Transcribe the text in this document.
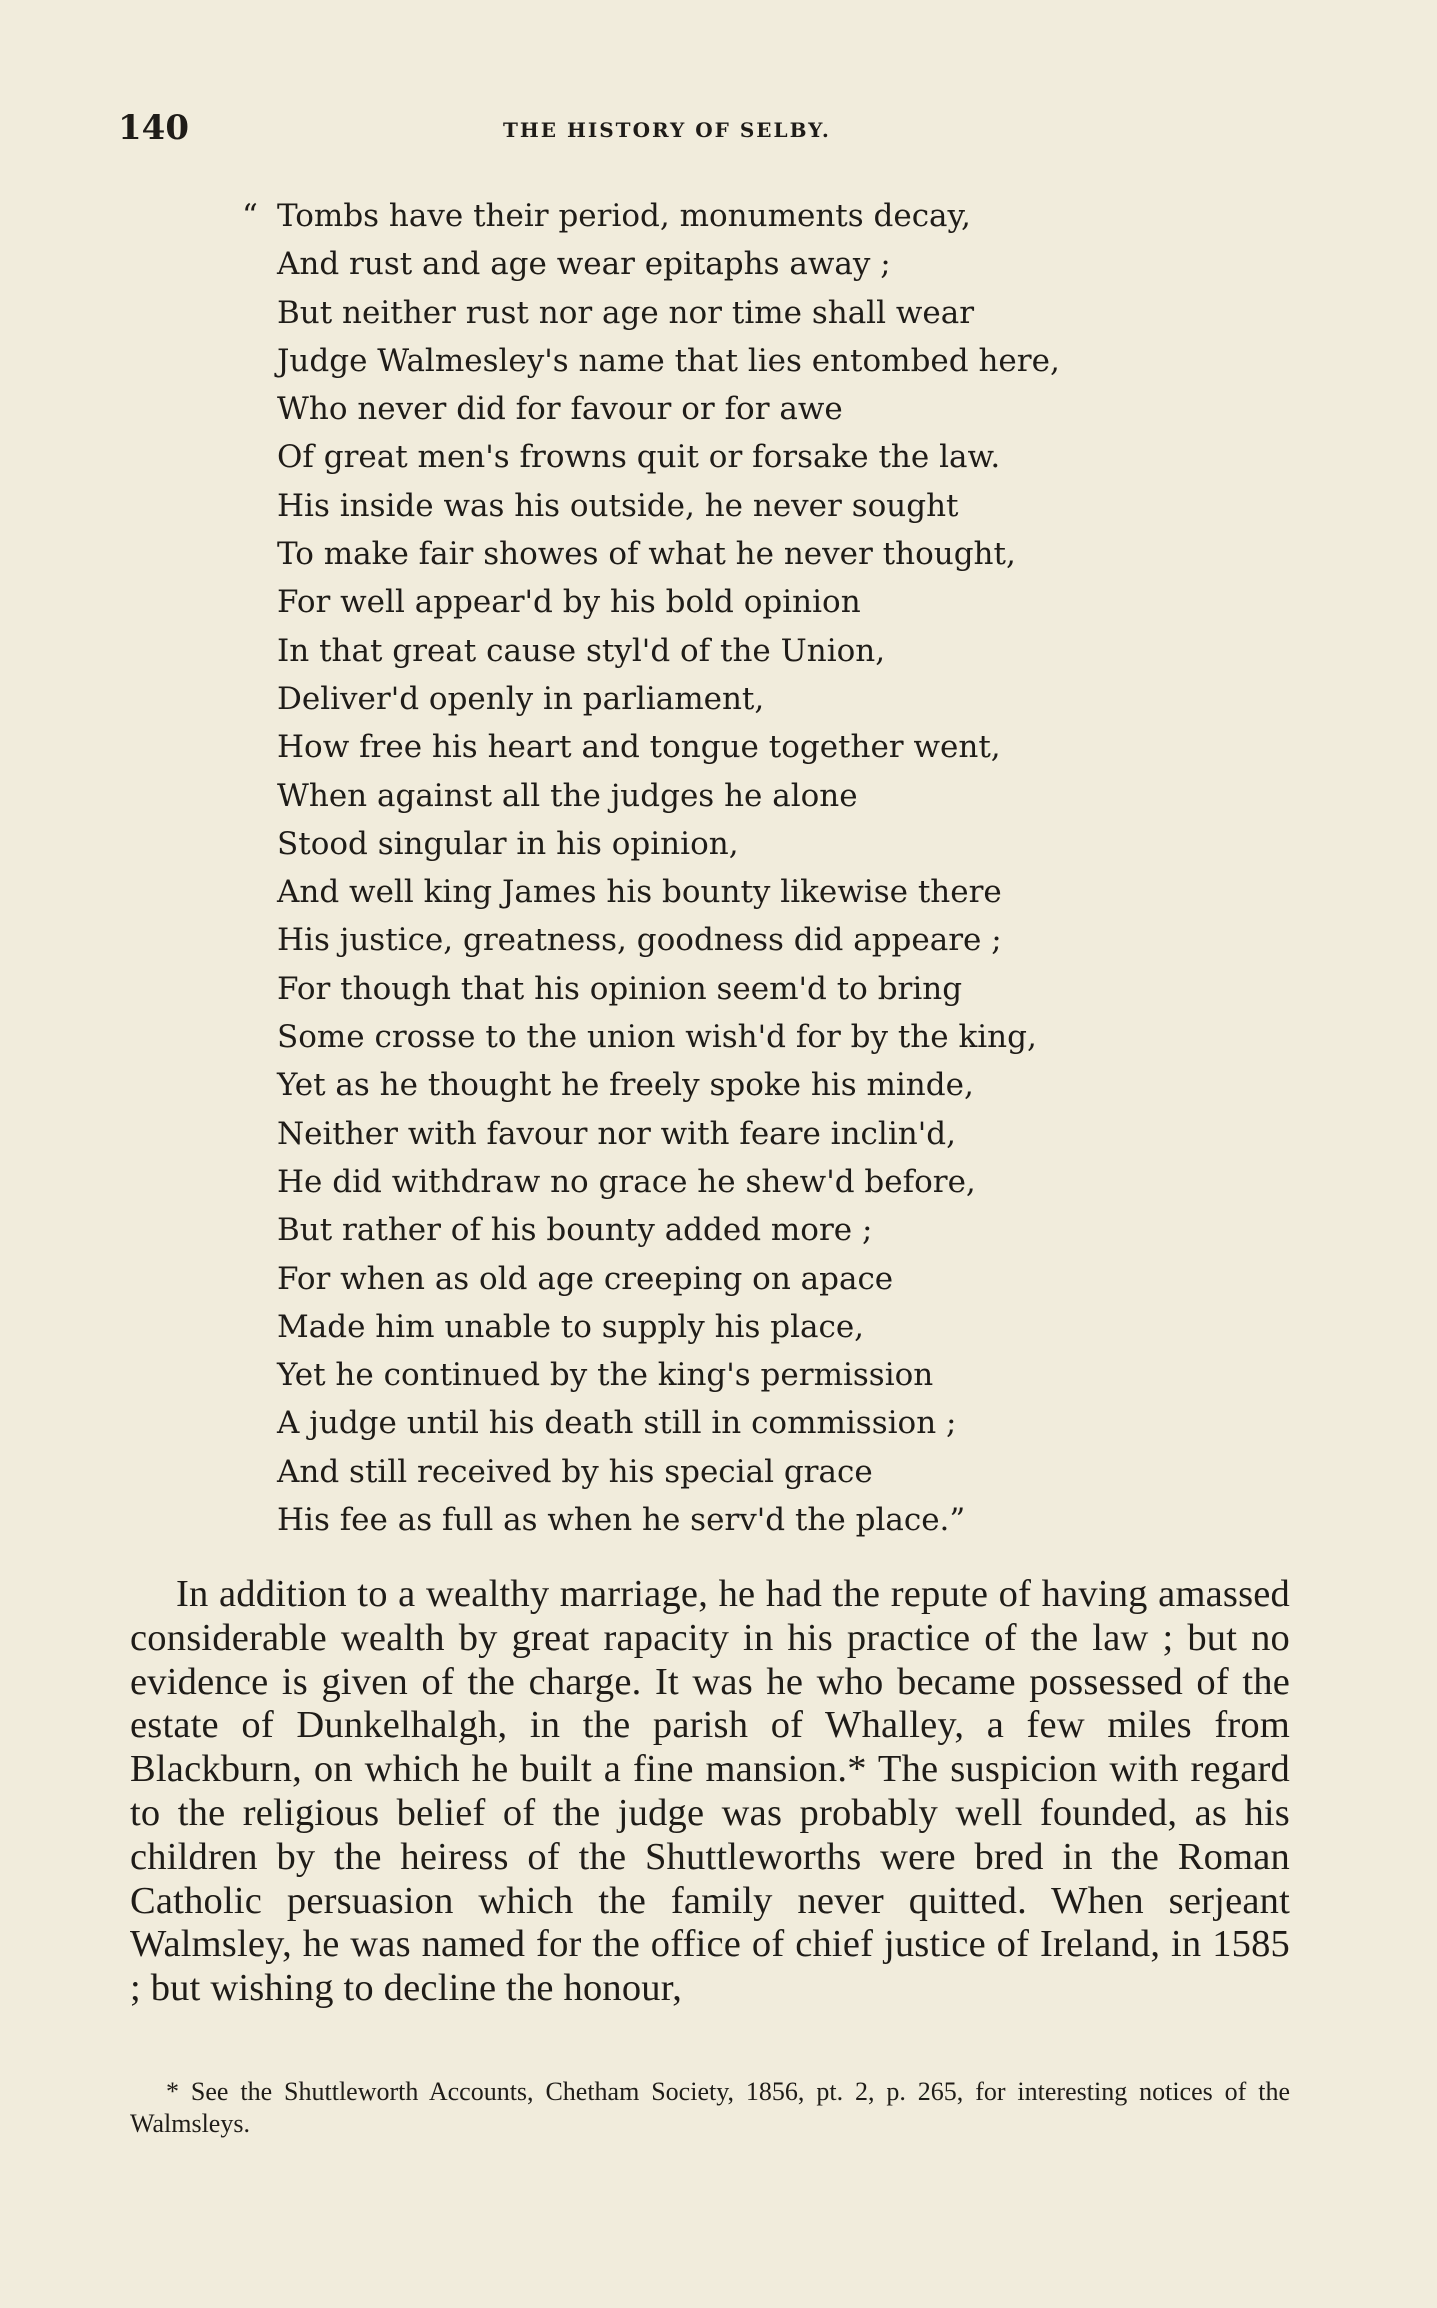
140	THE HISTORY OF SELBY.
“ Tombs have their period, monuments decay,
And rust and age wear epitaphs away ;
But neither rust nor age nor time shall wear
Judge Walmesley's name that lies entombed here,
Who never did for favour or for awe
Of great men's frowns quit or forsake the law.
His inside was his outside, he never sought
To make fair showes of what he never thought,
For well appear'd by his bold opinion
In that great cause styl'd of the Union,
Deliver'd openly in parliament,
How free his heart and tongue together went,
When against all the judges he alone
Stood singular in his opinion,
And well king James his bounty likewise there
His justice, greatness, goodness did appeare ;
For though that his opinion seem'd to bring
Some crosse to the union wish'd for by the king,
Yet as he thought he freely spoke his minde,
Neither with favour nor with feare inclin'd,
He did withdraw no grace he shew'd before,
But rather of his bounty added more ;
For when as old age creeping on apace
Made him unable to supply his place,
Yet he continued by the king's permission
A judge until his death still in commission ;
And still received by his special grace
His fee as full as when he serv'd the place.”

In addition to a wealthy marriage, he had the repute of having amassed considerable wealth by great rapacity in his practice of the law ; but no evidence is given of the charge. It was he who became possessed of the estate of Dunkelhalgh, in the parish of Whalley, a few miles from Blackburn, on which he built a fine mansion.* The suspicion with regard to the religious belief of the judge was probably well founded, as his children by the heiress of the Shuttleworths were bred in the Roman Catholic persuasion which the family never quitted. When serjeant Walmsley, he was named for the office of chief justice of Ireland, in 1585 ; but wishing to decline the honour,

* See the Shuttleworth Accounts, Chetham Society, 1856, pt. 2, p. 265, for interesting notices of the Walmsleys.
